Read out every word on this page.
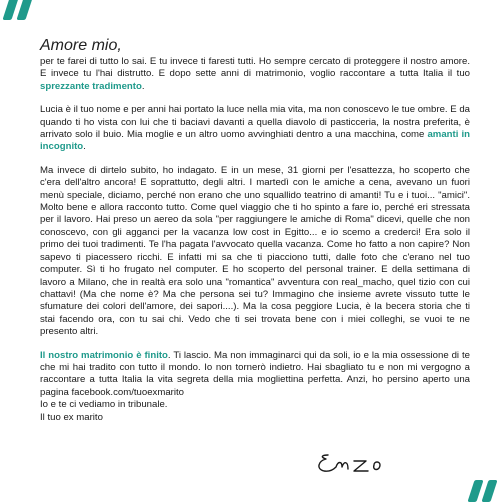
Amore mio,

per te farei di tutto lo sai. E tu invece ti faresti tutti. Ho sempre cercato di proteggere il nostro amore. E invece tu l'hai distrutto. E dopo sette anni di matrimonio, voglio raccontare a tutta Italia il tuo sprezzante tradimento.

Lucia è il tuo nome e per anni hai portato la luce nella mia vita, ma non conoscevo le tue ombre. E da quando ti ho vista con lui che ti baciavi davanti a quella diavolo di pasticceria, la nostra preferita, è arrivato solo il buio. Mia moglie e un altro uomo avvinghiati dentro a una macchina, come amanti in incognito.

Ma invece di dirtelo subito, ho indagato. E in un mese, 31 giorni per l'esattezza, ho scoperto che c'era dell'altro ancora! E soprattutto, degli altri. I martedì con le amiche a cena, avevano un fuori menù speciale, diciamo, perché non erano che uno squallido teatrino di amanti! Tu e i tuoi... "amici". Molto bene e allora racconto tutto. Come quel viaggio che ti ho spinto a fare io, perché eri stressata per il lavoro. Hai preso un aereo da sola "per raggiungere le amiche di Roma" dicevi, quelle che non conoscevo, con gli agganci per la vacanza low cost in Egitto... e io scemo a crederci! Era solo il primo dei tuoi tradimenti. Te l'ha pagata l'avvocato quella vacanza. Come ho fatto a non capire? Non sapevo ti piacessero ricchi. E infatti mi sa che ti piacciono tutti, dalle foto che c'erano nel tuo computer. Sì ti ho frugato nel computer. E ho scoperto del personal trainer. E della settimana di lavoro a Milano, che in realtà era solo una "romantica" avventura con real_macho, quel tizio con cui chattavi! (Ma che nome è? Ma che persona sei tu? Immagino che insieme avrete vissuto tutte le sfumature dei colori dell'amore, dei sapori....). Ma la cosa peggiore Lucia, è la becera storia che ti stai facendo ora, con tu sai chi. Vedo che ti sei trovata bene con i miei colleghi, se vuoi te ne presento altri.

Il nostro matrimonio è finito. Ti lascio. Ma non immaginarci qui da soli, io e la mia ossessione di te che mi hai tradito con tutto il mondo. Io non tornerò indietro. Hai sbagliato tu e non mi vergogno a raccontare a tutta Italia la vita segreta della mia mogliettina perfetta. Anzi, ho persino aperto una pagina facebook.com/tuoexmarito

Io e te ci vediamo in tribunale.
Il tuo ex marito
